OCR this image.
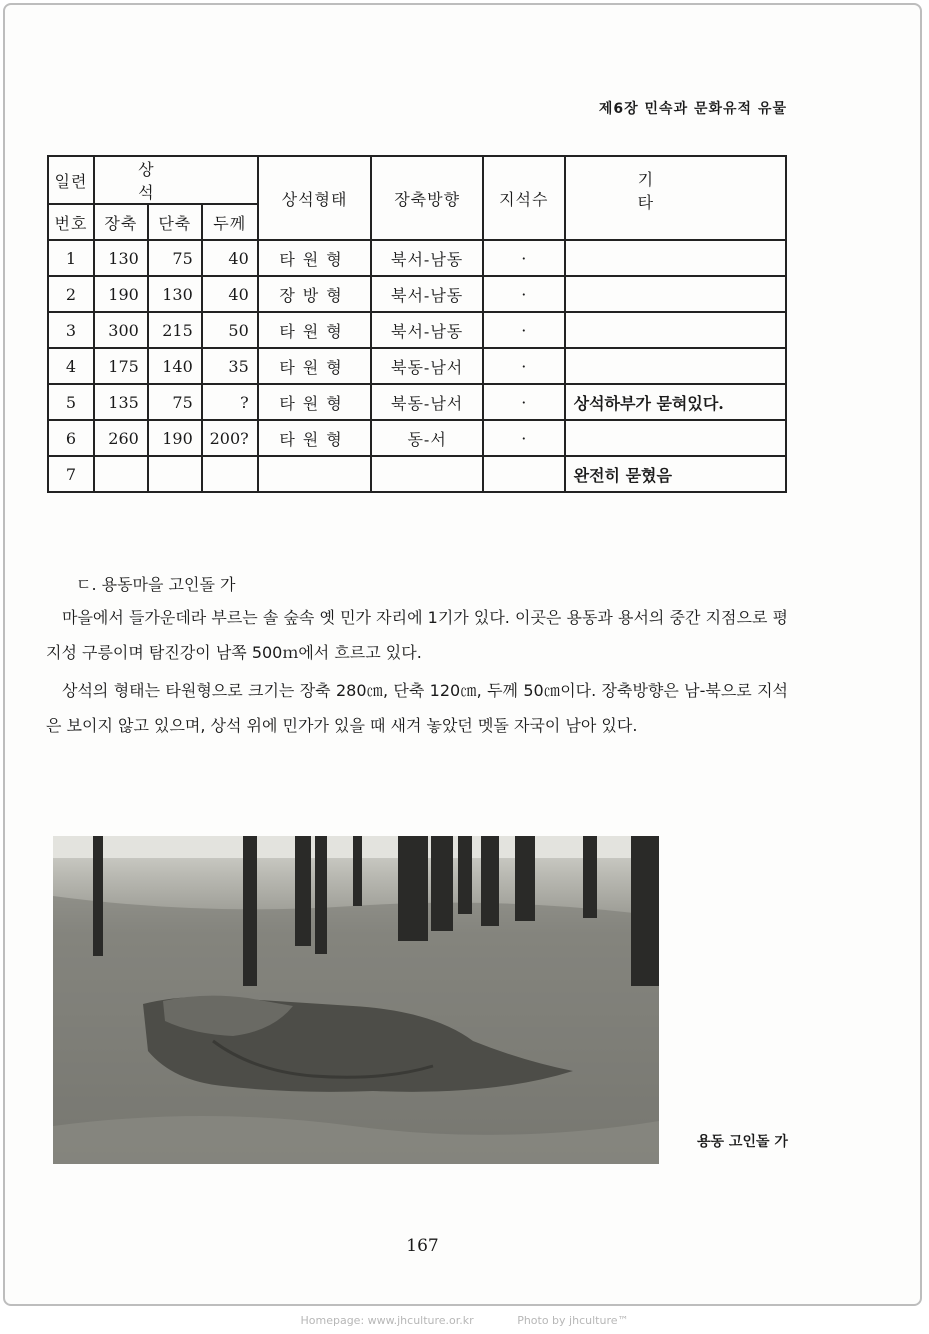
제6장 민속과 문화유적 유물
일련	상 석			상석형태	장축방향	지석수	기 타
번호	장축	단축	두께				
1	130	75	40	타원형	북서-남동	·	
2	190	130	40	장방형	북서-남동	·	
3	300	215	50	타원형	북서-남동	·	
4	175	140	35	타원형	북동-남서	·	
5	135	75	?	타원형	북동-남서	·	상석하부가 묻혀있다.
6	260	190	200?	타원형	동-서	·	
7							완전히 묻혔음
ㄷ. 용동마을 고인돌 가
마을에서 들가운데라 부르는 솔 숲속 옛 민가 자리에 1기가 있다. 이곳은 용동과 용서의 중간 지점으로 평지성 구릉이며 탐진강이 남쪽 500ｍ에서 흐르고 있다.
상석의 형태는 타원형으로 크기는 장축 280㎝, 단축 120㎝, 두께 50㎝이다. 장축방향은 남-북으로 지석은 보이지 않고 있으며, 상석 위에 민가가 있을 때 새겨 놓았던 멧돌 자국이 남아 있다.
용동 고인돌 가
167
Homepage: www.jhculture.or.kr	Photo by jhculture™
